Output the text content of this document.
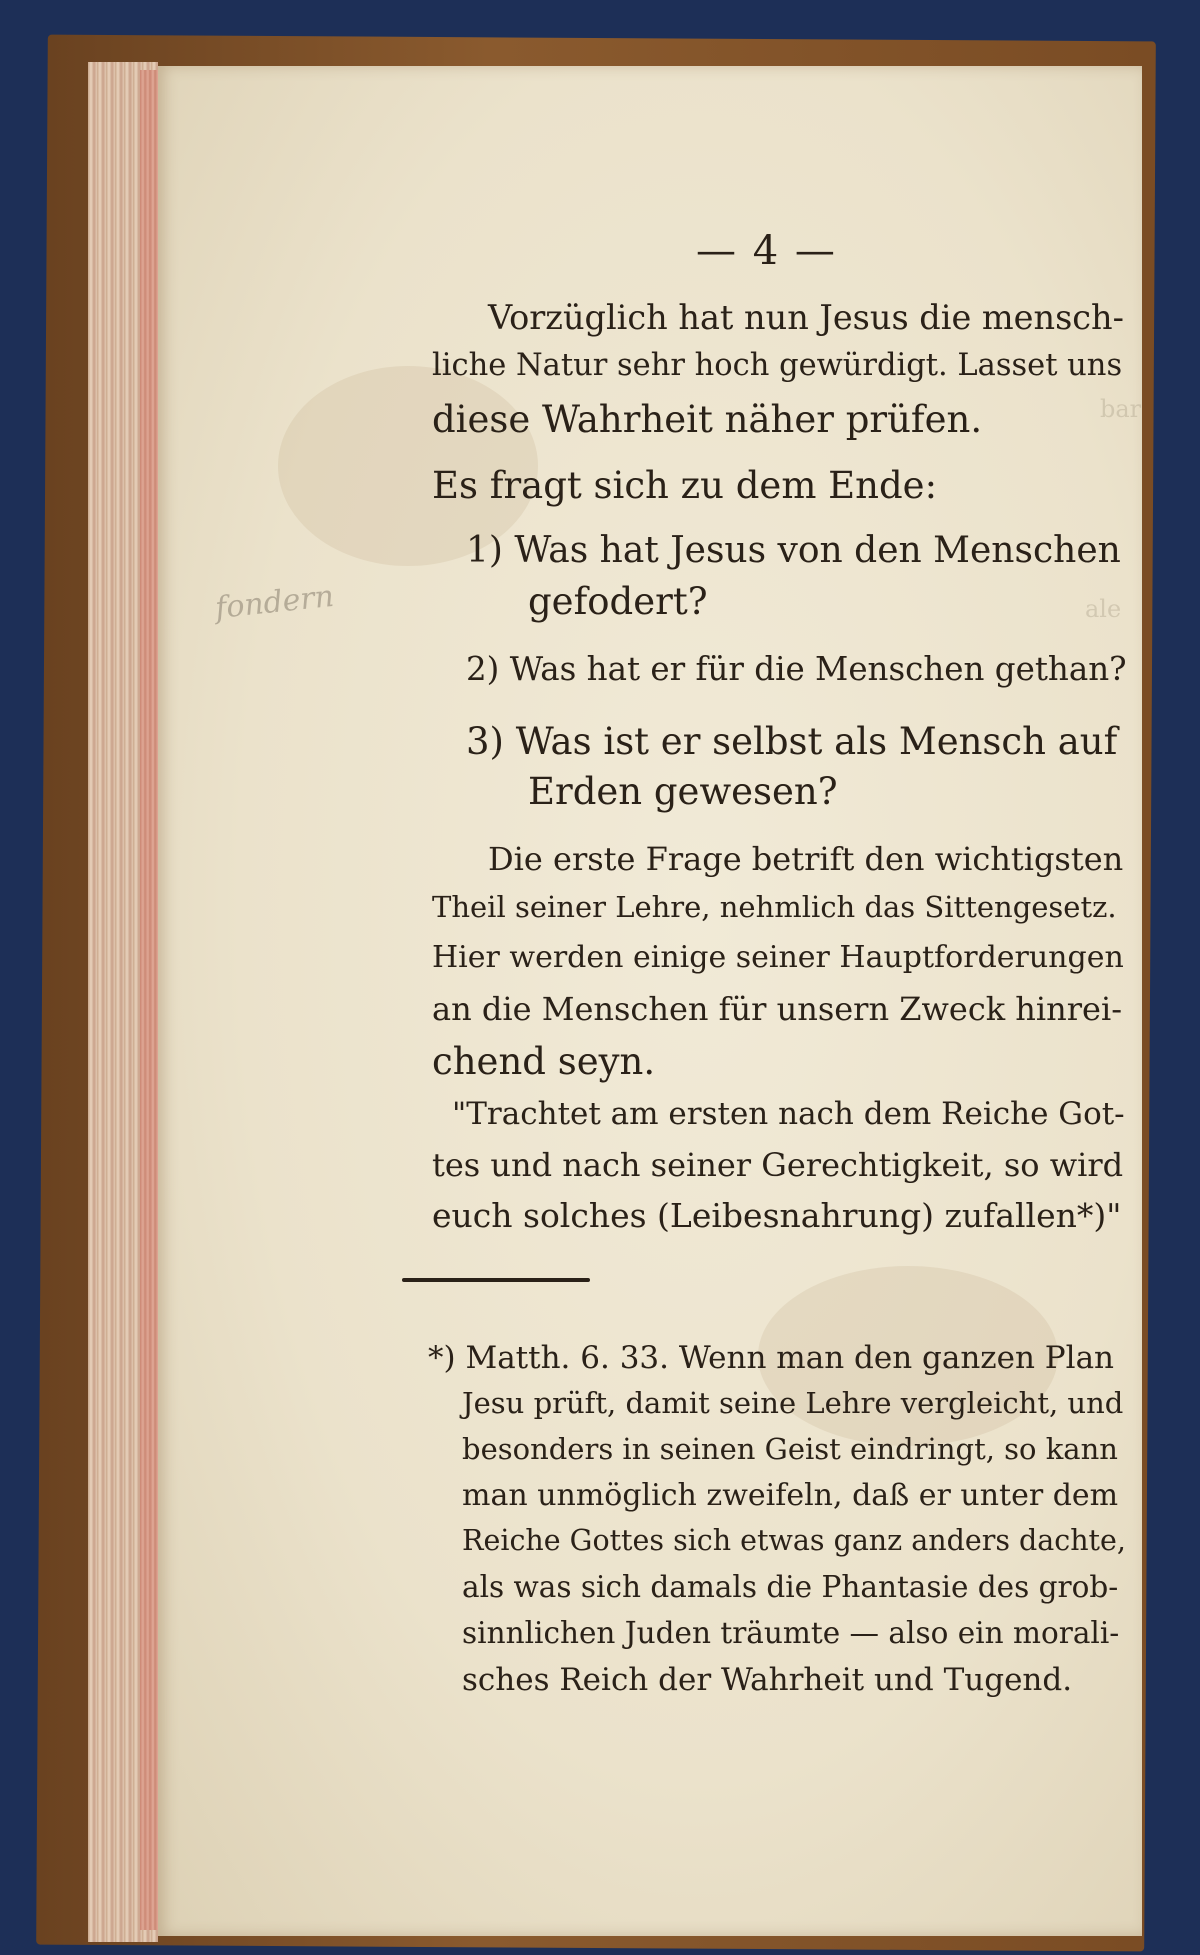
bar
ale
fondern
— 4 —
Vorzüglich hat nun Jesus die mensch-
liche Natur sehr hoch gewürdigt. Lasset uns
diese Wahrheit näher prüfen.
Es fragt sich zu dem Ende:
1) Was hat Jesus von den Menschen
gefodert?
2) Was hat er für die Menschen gethan?
3) Was ist er selbst als Mensch auf
Erden gewesen?
Die erste Frage betrift den wichtigsten
Theil seiner Lehre, nehmlich das Sittengesetz.
Hier werden einige seiner Hauptforderungen
an die Menschen für unsern Zweck hinrei-
chend seyn.
"Trachtet am ersten nach dem Reiche Got-
tes und nach seiner Gerechtigkeit, so wird
euch solches (Leibesnahrung) zufallen*)"
*) Matth. 6. 33. Wenn man den ganzen Plan
Jesu prüft, damit seine Lehre vergleicht, und
besonders in seinen Geist eindringt, so kann
man unmöglich zweifeln, daß er unter dem
Reiche Gottes sich etwas ganz anders dachte,
als was sich damals die Phantasie des grob-
sinnlichen Juden träumte — also ein morali-
sches Reich der Wahrheit und Tugend.
